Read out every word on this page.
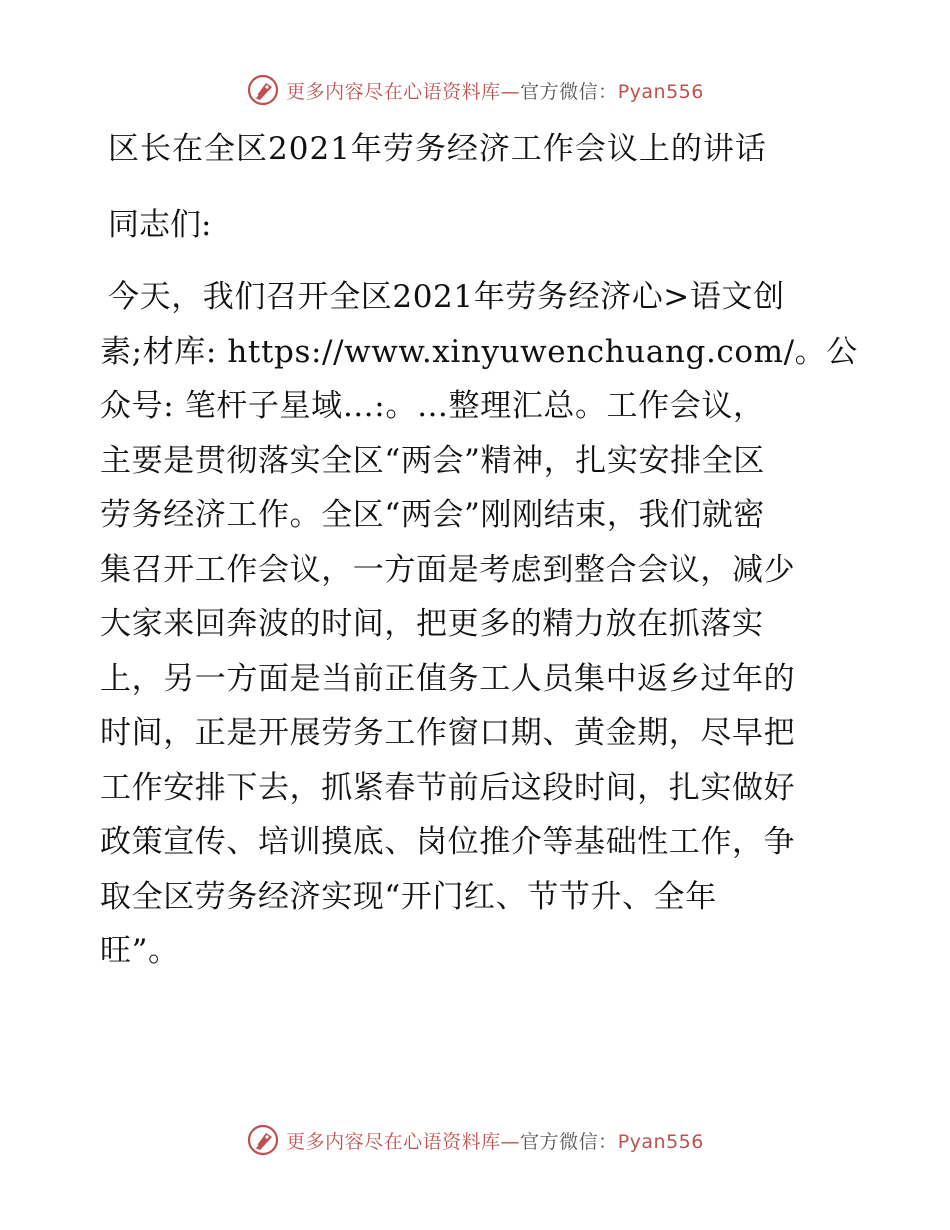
更多内容尽在心语资料库—官方微信：Pyan556
区长在全区2021年劳务经济工作会议上的讲话
同志们:
今天，我们召开全区2021年劳务经济心>语文创
素;材库: https://www.xinyuwenchuang.com/。公
众号: 笔杆子星域…:。…整理汇总。工作会议，
主要是贯彻落实全区“两会”精神，扎实安排全区
劳务经济工作。全区“两会”刚刚结束，我们就密
集召开工作会议，一方面是考虑到整合会议，减少
大家来回奔波的时间，把更多的精力放在抓落实
上，另一方面是当前正值务工人员集中返乡过年的
时间，正是开展劳务工作窗口期、黄金期，尽早把
工作安排下去，抓紧春节前后这段时间，扎实做好
政策宣传、培训摸底、岗位推介等基础性工作，争
取全区劳务经济实现“开门红、节节升、全年
旺”。
更多内容尽在心语资料库—官方微信：Pyan556
